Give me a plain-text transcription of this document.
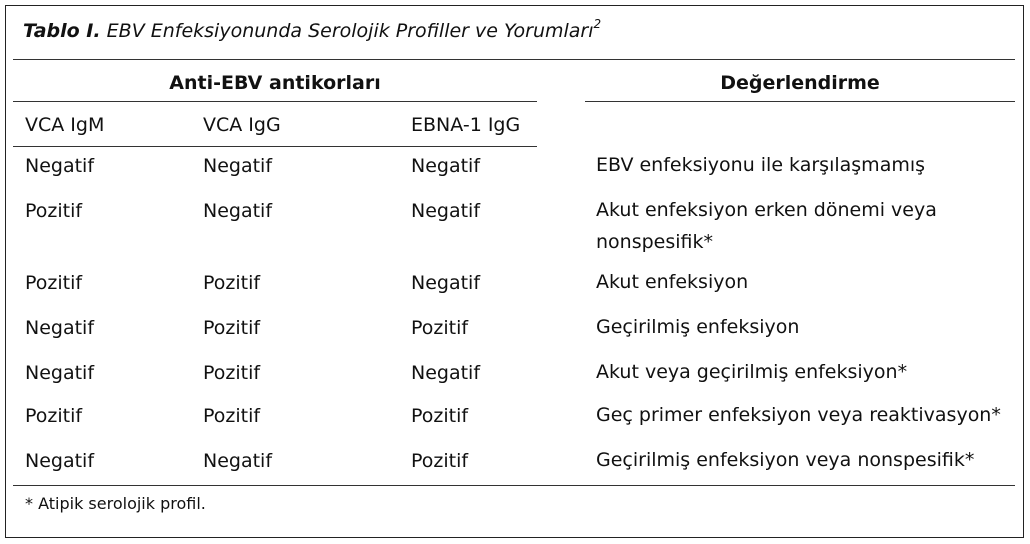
Tablo I. EBV Enfeksiyonunda Serolojik Profiller ve Yorumları$^2$
Anti-EBV antikorları	Değerlendirme
VCA IgM	VCA IgG	EBNA-1 IgG
Negatif	Negatif	Negatif	EBV enfeksiyonu ile karşılaşmamış
Pozitif	Negatif	Negatif	Akut enfeksiyon erken dönemi veya nonspesifik*
Pozitif	Pozitif	Negatif	Akut enfeksiyon
Negatif	Pozitif	Pozitif	Geçirilmiş enfeksiyon
Negatif	Pozitif	Negatif	Akut veya geçirilmiş enfeksiyon*
Pozitif	Pozitif	Pozitif	Geç primer enfeksiyon veya reaktivasyon*
Negatif	Negatif	Pozitif	Geçirilmiş enfeksiyon veya nonspesifik*
* Atipik serolojik profil.
